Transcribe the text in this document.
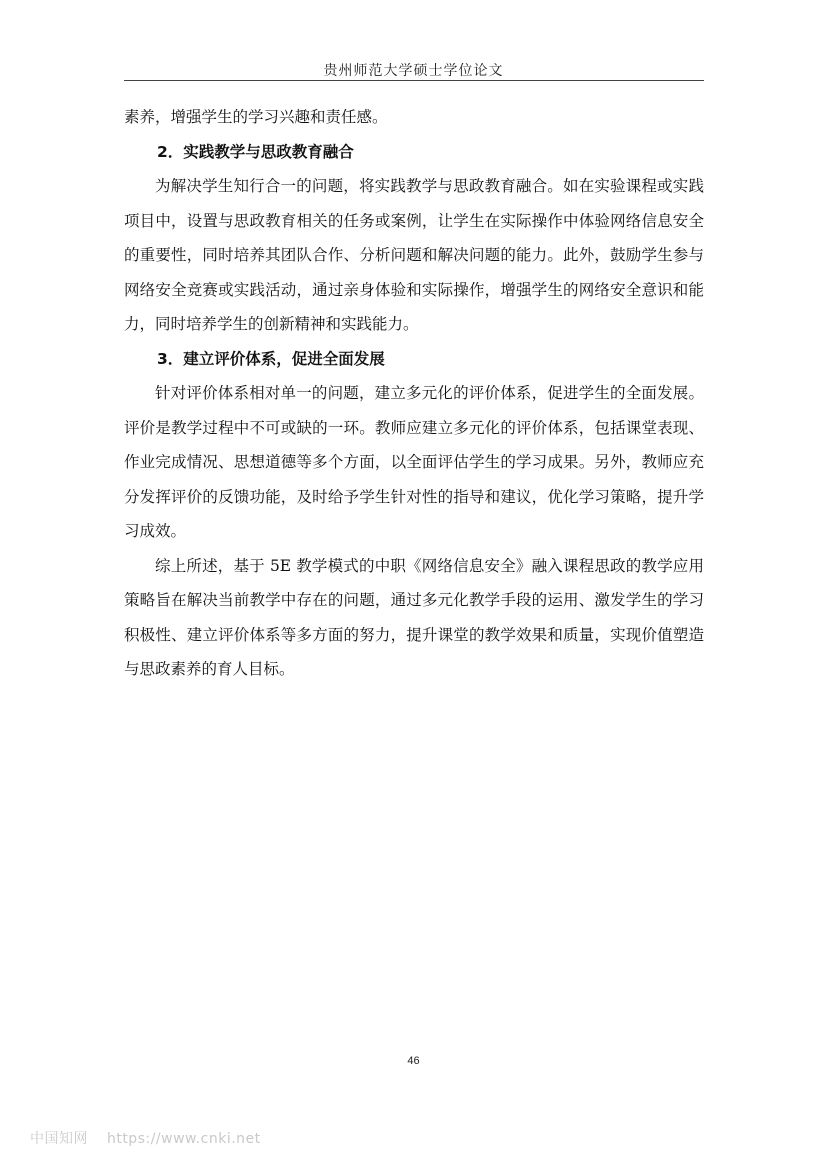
贵州师范大学硕士学位论文

素养，增强学生的学习兴趣和责任感。

2．实践教学与思政教育融合

为解决学生知行合一的问题，将实践教学与思政教育融合。如在实验课程或实践项目中，设置与思政教育相关的任务或案例，让学生在实际操作中体验网络信息安全的重要性，同时培养其团队合作、分析问题和解决问题的能力。此外，鼓励学生参与网络安全竞赛或实践活动，通过亲身体验和实际操作，增强学生的网络安全意识和能力，同时培养学生的创新精神和实践能力。

3．建立评价体系，促进全面发展

针对评价体系相对单一的问题，建立多元化的评价体系，促进学生的全面发展。评价是教学过程中不可或缺的一环。教师应建立多元化的评价体系，包括课堂表现、作业完成情况、思想道德等多个方面，以全面评估学生的学习成果。另外，教师应充分发挥评价的反馈功能，及时给予学生针对性的指导和建议，优化学习策略，提升学习成效。

综上所述，基于 5E 教学模式的中职《网络信息安全》融入课程思政的教学应用策略旨在解决当前教学中存在的问题，通过多元化教学手段的运用、激发学生的学习积极性、建立评价体系等多方面的努力，提升课堂的教学效果和质量，实现价值塑造与思政素养的育人目标。

46
中国知网 https://www.cnki.net
